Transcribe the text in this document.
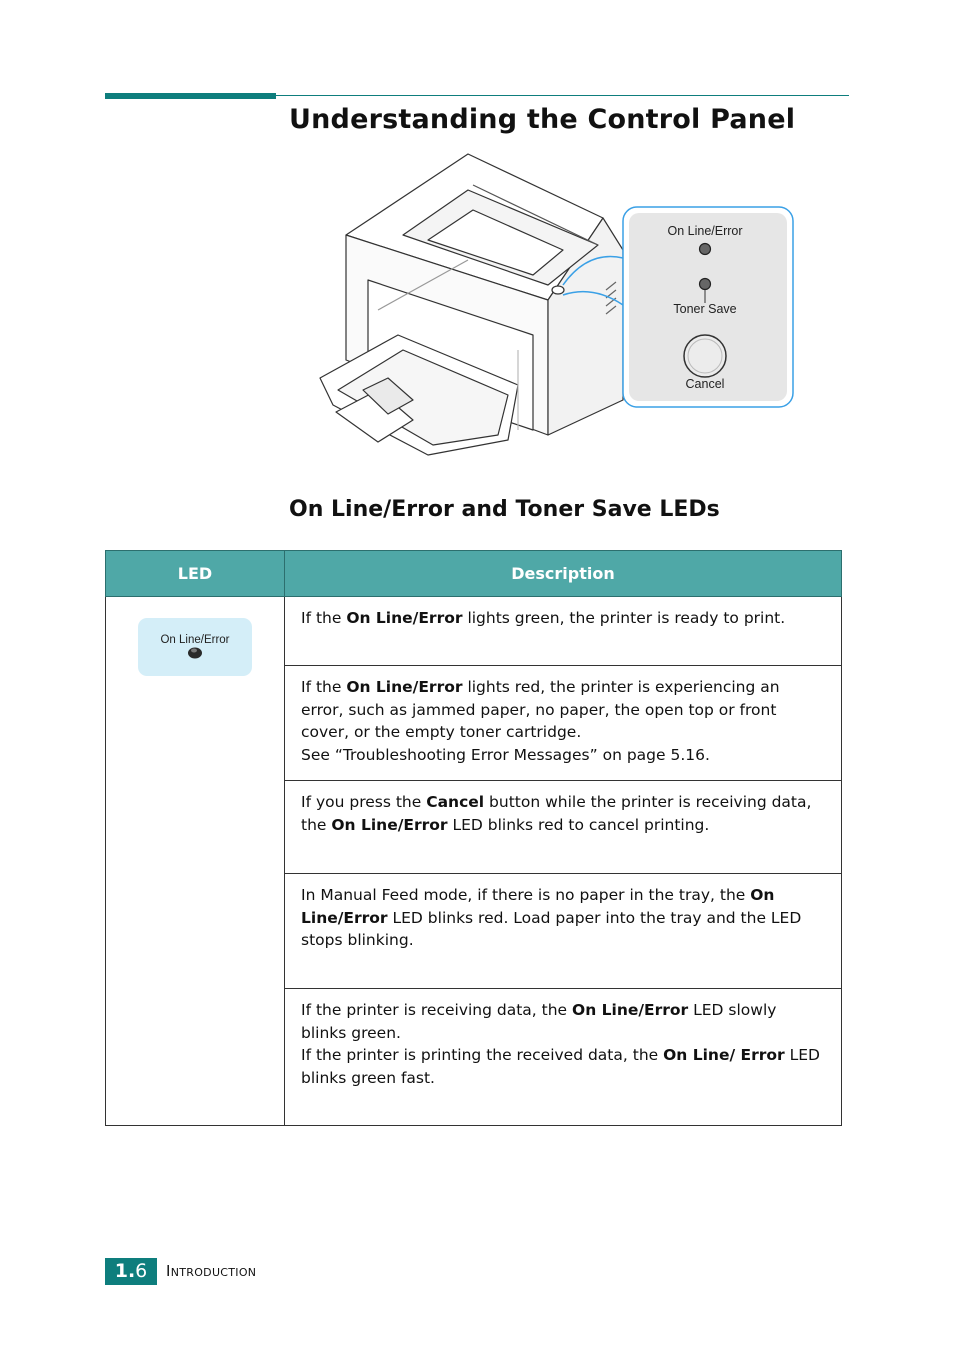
Understanding the Control Panel
On Line/Error
Toner Save
Cancel
On Line/Error and Toner Save LEDs
LED	Description

On Line/Error	If the On Line/Error lights green, the printer is ready to print.
	If the On Line/Error lights red, the printer is experiencing an error, such as jammed paper, no paper, the open top or front cover, or the empty toner cartridge.
See “Troubleshooting Error Messages” on page 5.16.
	If you press the Cancel button while the printer is receiving data, the On Line/Error LED blinks red to cancel printing.
	In Manual Feed mode, if there is no paper in the tray, the On Line/Error LED blinks red. Load paper into the tray and the LED stops blinking.
	If the printer is receiving data, the On Line/Error LED slowly blinks green.
If the printer is printing the received data, the On Line/ Error LED blinks green fast.
1.6	Introduction
